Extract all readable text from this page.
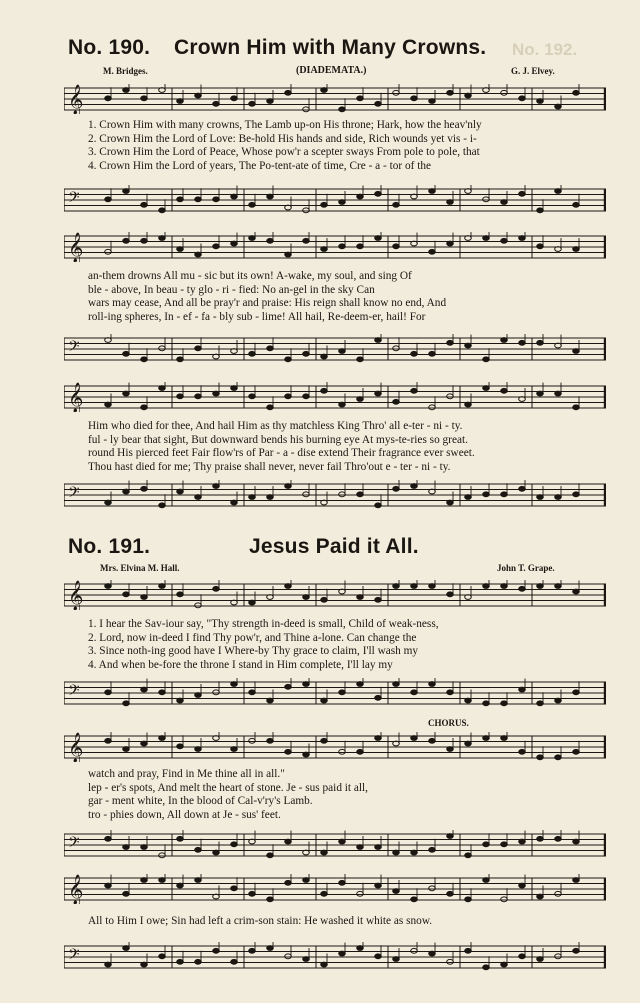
No. 192.
No. 190. Crown Him with Many Crowns.
M. Bridges.	(DIADEMATA.)	G. J. Elvey.
𝄞
1. Crown Him with many crowns, The Lamb up-on His throne; Hark, how the heav'nly
2. Crown Him the Lord of Love: Be-hold His hands and side, Rich wounds yet vis - i-
3. Crown Him the Lord of Peace, Whose pow'r a scepter sways From pole to pole, that
4. Crown Him the Lord of years, The Po-tent-ate of time, Cre - a - tor of the
𝄢
𝄞
an-them drowns All mu - sic but its own! A-wake, my soul, and sing Of
ble - above, In beau - ty glo - ri - fied: No an-gel in the sky Can
wars may cease, And all be pray'r and praise: His reign shall know no end, And
roll-ing spheres, In - ef - fa - bly sub - lime! All hail, Re-deem-er, hail! For
𝄢
𝄞
Him who died for thee, And hail Him as thy matchless King Thro' all e-ter - ni - ty.
ful - ly bear that sight, But downward bends his burning eye At mys-te-ries so great.
round His pierced feet Fair flow'rs of Par - a - dise extend Their fragrance ever sweet.
Thou hast died for me; Thy praise shall never, never fail Thro'out e - ter - ni - ty.
𝄢
No. 191.	Jesus Paid it All.
Mrs. Elvina M. Hall.	John T. Grape.
𝄞
1. I hear the Sav-iour say, "Thy strength in-deed is small, Child of weak-ness,
2. Lord, now in-deed I find Thy pow'r, and Thine a-lone. Can change the
3. Since noth-ing good have I Where-by Thy grace to claim, I'll wash my
4. And when be-fore the throne I stand in Him complete, I'll lay my
𝄢
CHORUS.
𝄞
watch and pray, Find in Me thine all in all."
lep - er's spots, And melt the heart of stone. Je - sus paid it all,
gar - ment white, In the blood of Cal-v'ry's Lamb.
tro - phies down, All down at Je - sus' feet.
𝄢
𝄞
All to Him I owe; Sin had left a crim-son stain: He washed it white as snow.
𝄢
